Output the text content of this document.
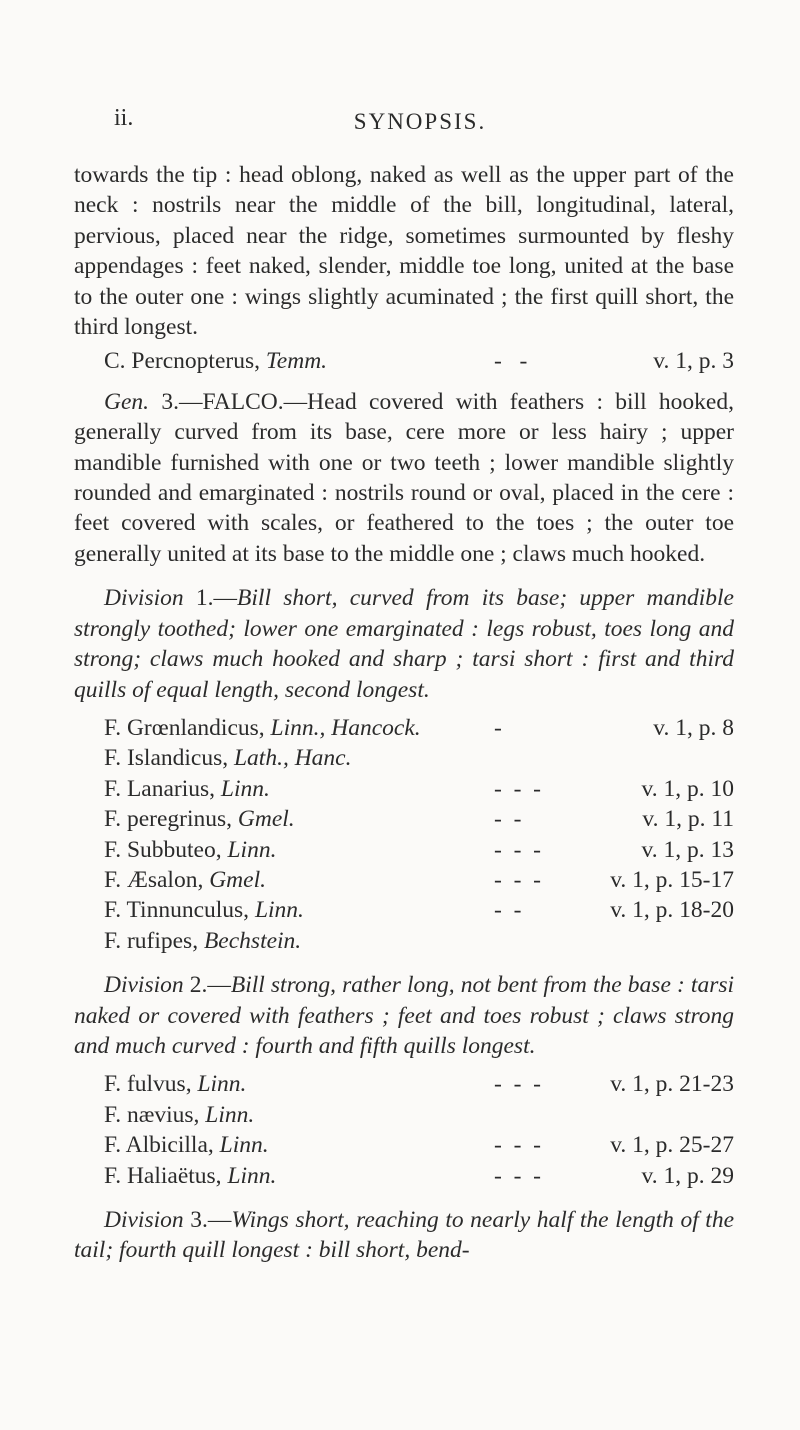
ii.	SYNOPSIS.

towards the tip : head oblong, naked as well as the upper part of the neck : nostrils near the middle of the bill, longitudinal, lateral, pervious, placed near the ridge, sometimes surmounted by fleshy appendages : feet naked, slender, middle toe long, united at the base to the outer one : wings slightly acuminated ; the first quill short, the third longest.

C. Percnopterus, Temm.	-   -	v. 1, p. 3

Gen. 3.—FALCO.—Head covered with feathers : bill hooked, generally curved from its base, cere more or less hairy ; upper mandible furnished with one or two teeth ; lower mandible slightly rounded and emarginated : nostrils round or oval, placed in the cere : feet covered with scales, or feathered to the toes ; the outer toe generally united at its base to the middle one ; claws much hooked.

Division 1.—Bill short, curved from its base; upper mandible strongly toothed; lower one emarginated : legs robust, toes long and strong; claws much hooked and sharp ; tarsi short : first and third quills of equal length, second longest.

F. Grœnlandicus, Linn., Hancock.	-	v. 1, p. 8
F. Islandicus, Lath., Hanc.
F. Lanarius, Linn.	-  -  -	v. 1, p. 10
F. peregrinus, Gmel.	-  -	v. 1, p. 11
F. Subbuteo, Linn.	-  -  -	v. 1, p. 13
F. Æsalon, Gmel.	-  -  -	v. 1, p. 15-17
F. Tinnunculus, Linn.	-  -	v. 1, p. 18-20
F. rufipes, Bechstein.

Division 2.—Bill strong, rather long, not bent from the base : tarsi naked or covered with feathers ; feet and toes robust ; claws strong and much curved : fourth and fifth quills longest.

F. fulvus, Linn.	-  -  -	v. 1, p. 21-23
F. nævius, Linn.
F. Albicilla, Linn.	-  -  -	v. 1, p. 25-27
F. Haliaëtus, Linn.	-  -  -	v. 1, p. 29

Division 3.—Wings short, reaching to nearly half the length of the tail; fourth quill longest : bill short, bend-
